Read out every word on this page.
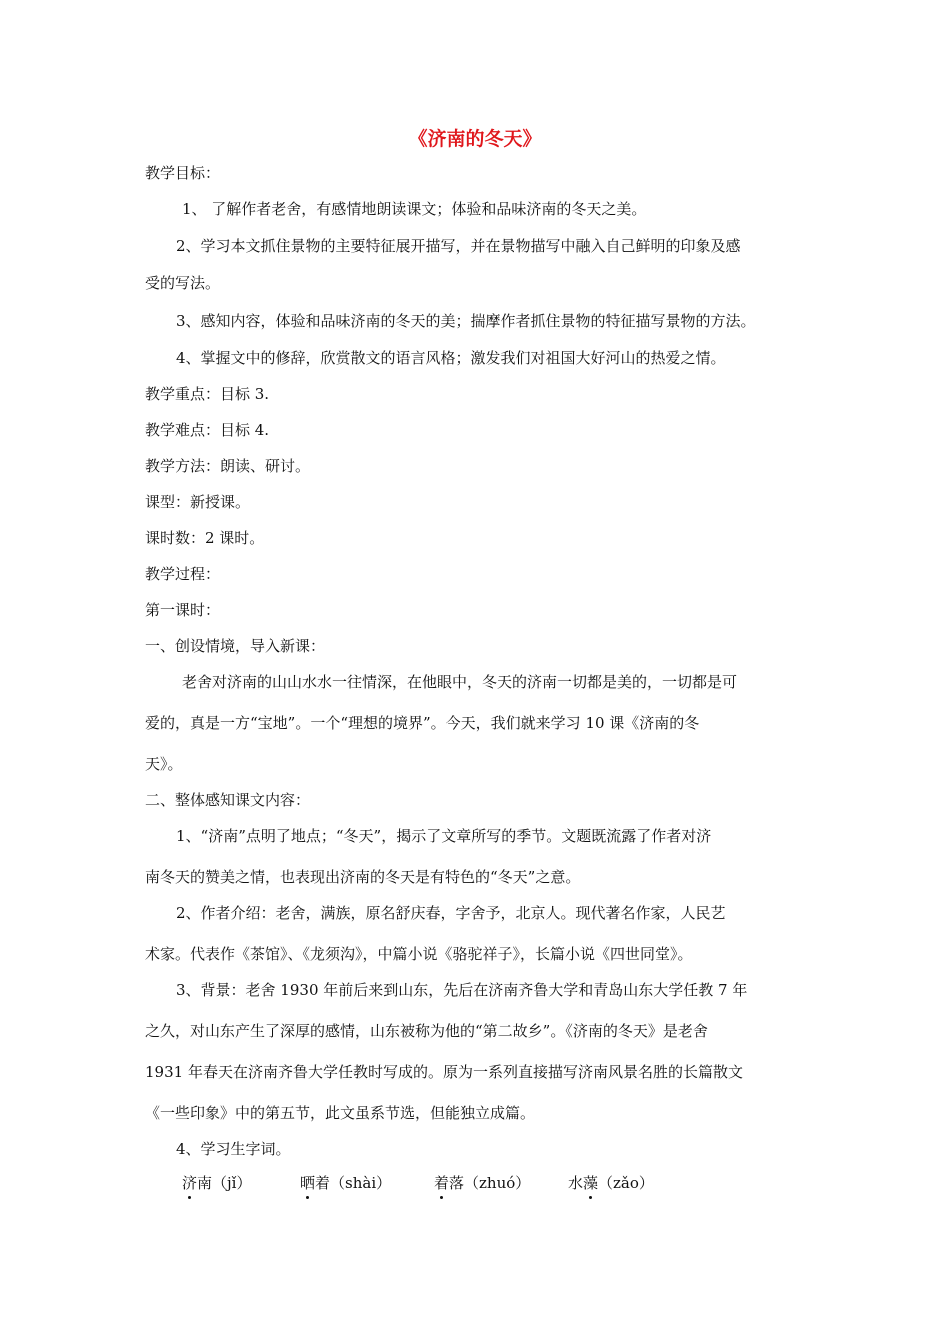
《济南的冬天》
教学目标：
1、 了解作者老舍，有感情地朗读课文；体验和品味济南的冬天之美。
2、学习本文抓住景物的主要特征展开描写，并在景物描写中融入自己鲜明的印象及感
受的写法。
3、感知内容，体验和品味济南的冬天的美；揣摩作者抓住景物的特征描写景物的方法。
4、掌握文中的修辞，欣赏散文的语言风格；激发我们对祖国大好河山的热爱之情。
教学重点：目标 3.
教学难点：目标 4.
教学方法：朗读、研讨。
课型：新授课。
课时数：2 课时。
教学过程：
第一课时：
一、创设情境，导入新课：
老舍对济南的山山水水一往情深，在他眼中，冬天的济南一切都是美的，一切都是可
爱的，真是一方“宝地”。一个“理想的境界”。今天，我们就来学习 10 课《济南的冬
天》。
二、整体感知课文内容：
1、“济南”点明了地点；“冬天”，揭示了文章所写的季节。文题既流露了作者对济
南冬天的赞美之情，也表现出济南的冬天是有特色的“冬天”之意。
2、作者介绍：老舍，满族，原名舒庆春，字舍予，北京人。现代著名作家，人民艺
术家。代表作《茶馆》、《龙须沟》，中篇小说《骆驼祥子》，长篇小说《四世同堂》。
3、背景：老舍 1930 年前后来到山东，先后在济南齐鲁大学和青岛山东大学任教 7 年
之久，对山东产生了深厚的感情，山东被称为他的“第二故乡”。《济南的冬天》是老舍
1931 年春天在济南齐鲁大学任教时写成的。原为一系列直接描写济南风景名胜的长篇散文
《一些印象》中的第五节，此文虽系节选，但能独立成篇。
4、学习生字词。
济南（jǐ）	晒着（shài）	着落（zhuó）	水藻（zǎo）
